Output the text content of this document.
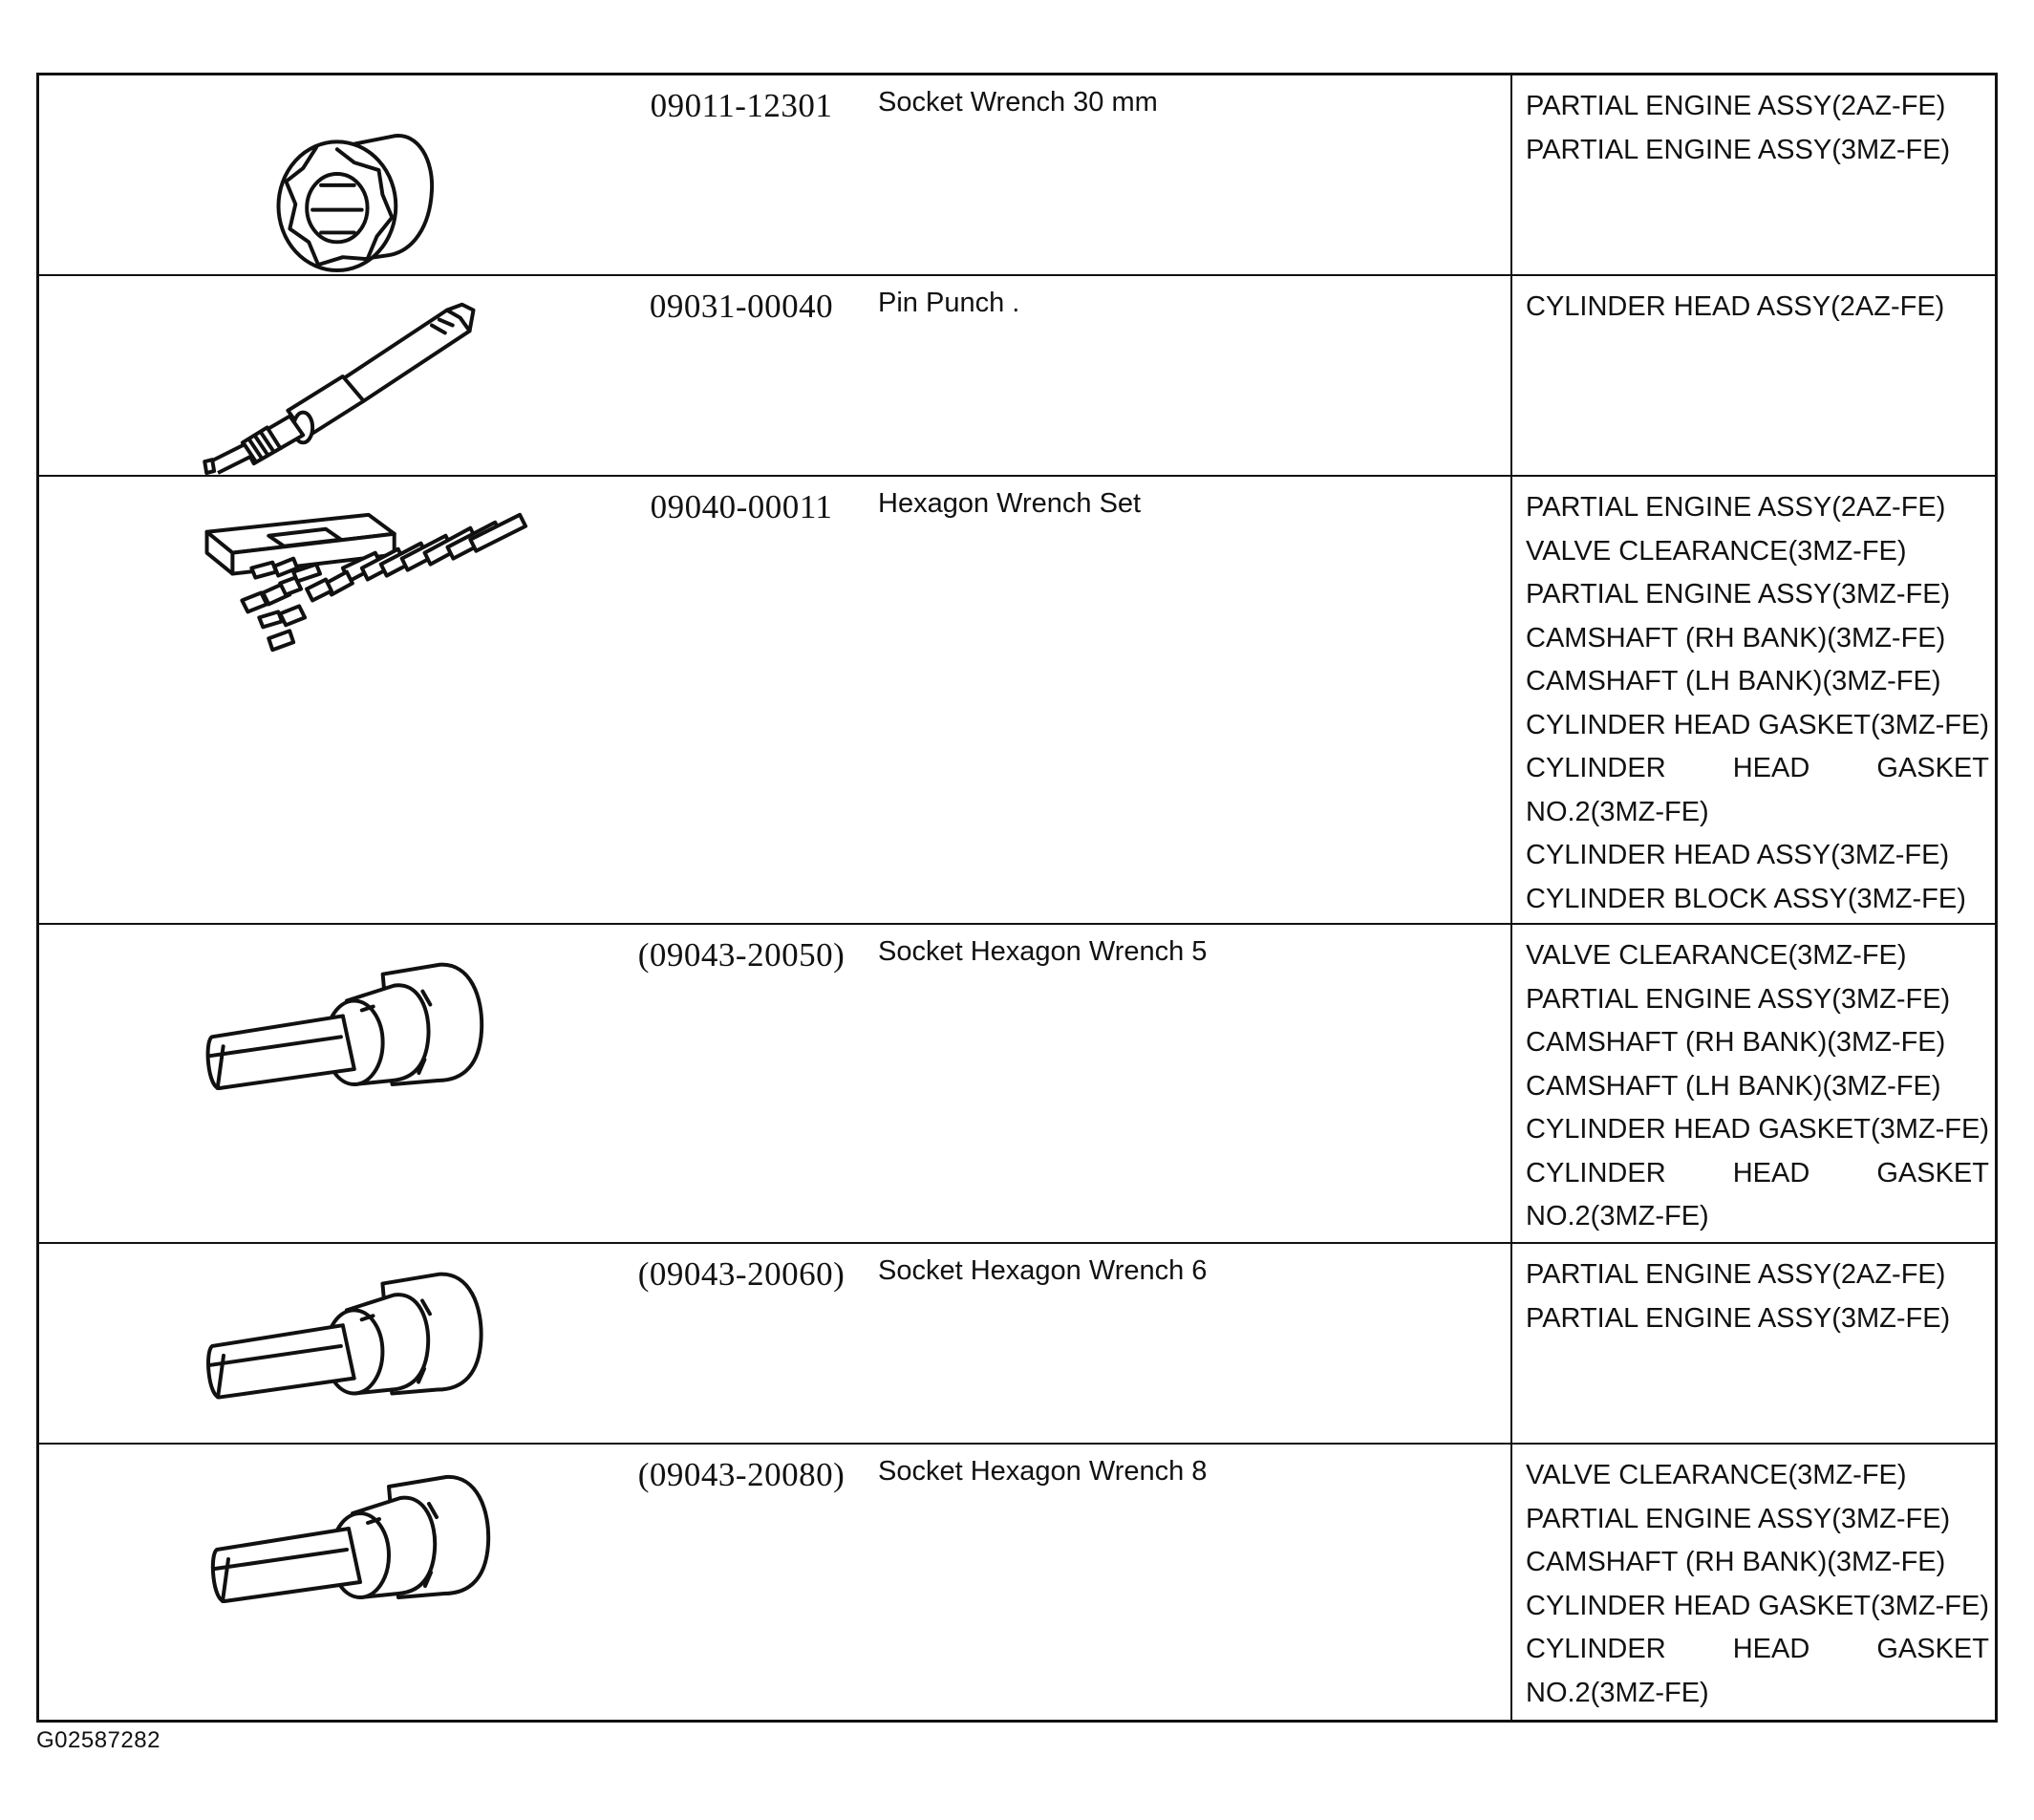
09011-12301	Socket Wrench 30 mm	PARTIAL ENGINE ASSY(2AZ-FE)
PARTIAL ENGINE ASSY(3MZ-FE)
09031-00040	Pin Punch .	CYLINDER HEAD ASSY(2AZ-FE)
09040-00011	Hexagon Wrench Set	PARTIAL ENGINE ASSY(2AZ-FE)
VALVE CLEARANCE(3MZ-FE)
PARTIAL ENGINE ASSY(3MZ-FE)
CAMSHAFT (RH BANK)(3MZ-FE)
CAMSHAFT (LH BANK)(3MZ-FE)
CYLINDER HEAD GASKET(3MZ-FE)
CYLINDER HEAD GASKET NO.2(3MZ-FE)
CYLINDER HEAD ASSY(3MZ-FE)
CYLINDER BLOCK ASSY(3MZ-FE)
(09043-20050)	Socket Hexagon Wrench 5	VALVE CLEARANCE(3MZ-FE)
PARTIAL ENGINE ASSY(3MZ-FE)
CAMSHAFT (RH BANK)(3MZ-FE)
CAMSHAFT (LH BANK)(3MZ-FE)
CYLINDER HEAD GASKET(3MZ-FE)
CYLINDER HEAD GASKET NO.2(3MZ-FE)
(09043-20060)	Socket Hexagon Wrench 6	PARTIAL ENGINE ASSY(2AZ-FE)
PARTIAL ENGINE ASSY(3MZ-FE)
(09043-20080)	Socket Hexagon Wrench 8	VALVE CLEARANCE(3MZ-FE)
PARTIAL ENGINE ASSY(3MZ-FE)
CAMSHAFT (RH BANK)(3MZ-FE)
CYLINDER HEAD GASKET(3MZ-FE)
CYLINDER HEAD GASKET NO.2(3MZ-FE)
G02587282
